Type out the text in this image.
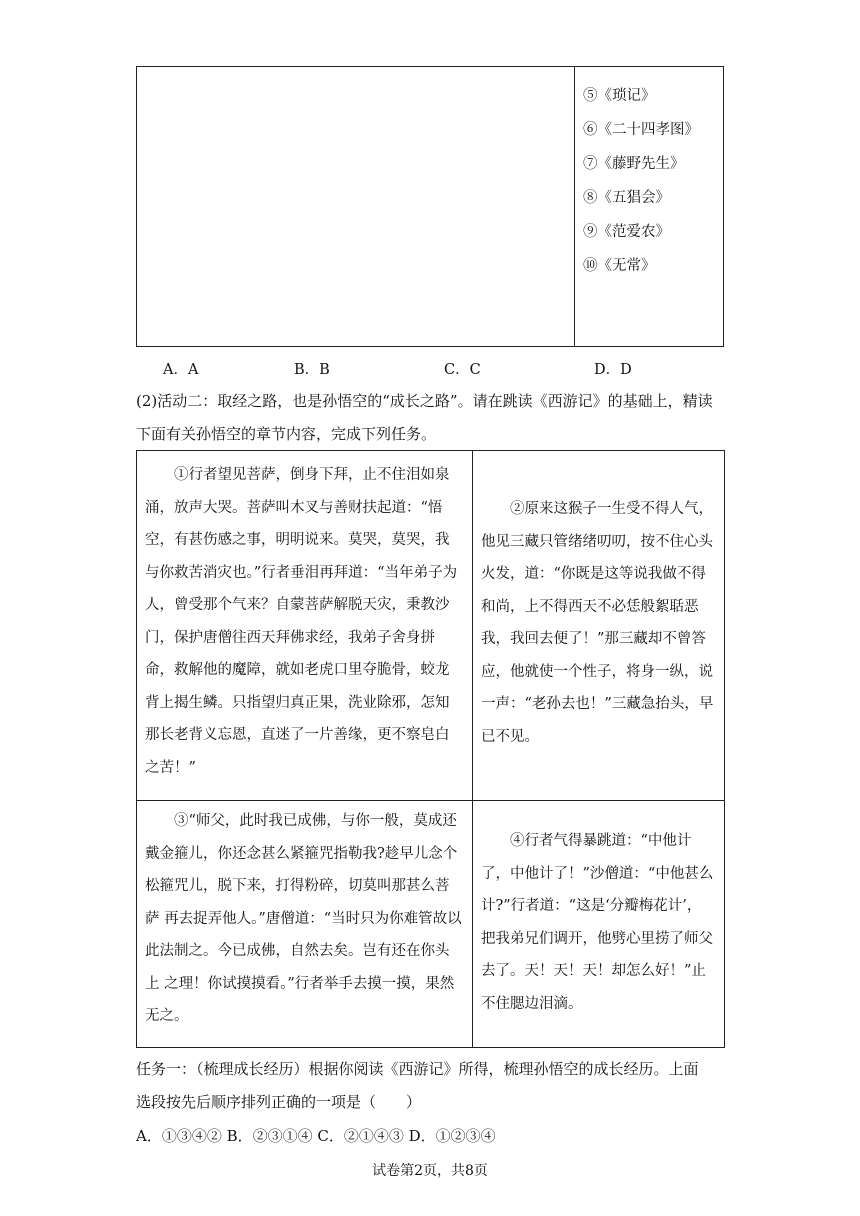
⑤《琐记》
⑥《二十四孝图》
⑦《藤野先生》
⑧《五猖会》
⑨《范爱农》
⑩《无常》
A．A	B．B	C．C	D．D
(2)活动二：取经之路，也是孙悟空的“成长之路”。请在跳读《西游记》的基础上，精读
下面有关孙悟空的章节内容，完成下列任务。

①行者望见菩萨，倒身下拜，止不住泪如泉涌，放声大哭。菩萨叫木叉与善财扶起道：“悟空，有甚伤感之事，明明说来。莫哭，莫哭，我与你救苦消灾也。”行者垂泪再拜道：“当年弟子为人，曾受那个气来？自蒙菩萨解脱天灾，秉教沙门，保护唐僧往西天拜佛求经，我弟子舍身拼命，救解他的魔障，就如老虎口里夺脆骨，蛟龙背上揭生鳞。只指望归真正果，洗业除邪，怎知那长老背义忘恩，直迷了一片善缘，更不察皂白之苦！”

②原来这猴子一生受不得人气，他见三藏只管绪绪叨叨，按不住心头火发，道：“你既是这等说我做不得和尚，上不得西天不必恁般絮聒恶我，我回去便了！”那三藏却不曾答应，他就使一个性子，将身一纵，说一声：“老孙去也！”三藏急抬头，早已不见。

③“师父，此时我已成佛，与你一般，莫成还 戴金箍儿，你还念甚么紧箍咒指勒我?趁早儿念个 松箍咒儿，脱下来，打得粉碎，切莫叫那甚么菩萨 再去捉弄他人。”唐僧道：“当时只为你难管故以 此法制之。今已成佛，自然去矣。岂有还在你头上 之理！你试摸摸看。”行者举手去摸一摸，果然无之。

④行者气得暴跳道：“中他计了，中他计了！”沙僧道：“中他甚么计?”行者道：“这是‘分瓣梅花计’，把我弟兄们调开，他劈心里捞了师父去了。天！天！天！却怎么好！”止不住腮边泪滴。

任务一：（梳理成长经历）根据你阅读《西游记》所得，梳理孙悟空的成长经历。上面
选段按先后顺序排列正确的一项是（　　）
A．①③④② B．②③①④ C．②①④③ D．①②③④
试卷第2页，共8页
